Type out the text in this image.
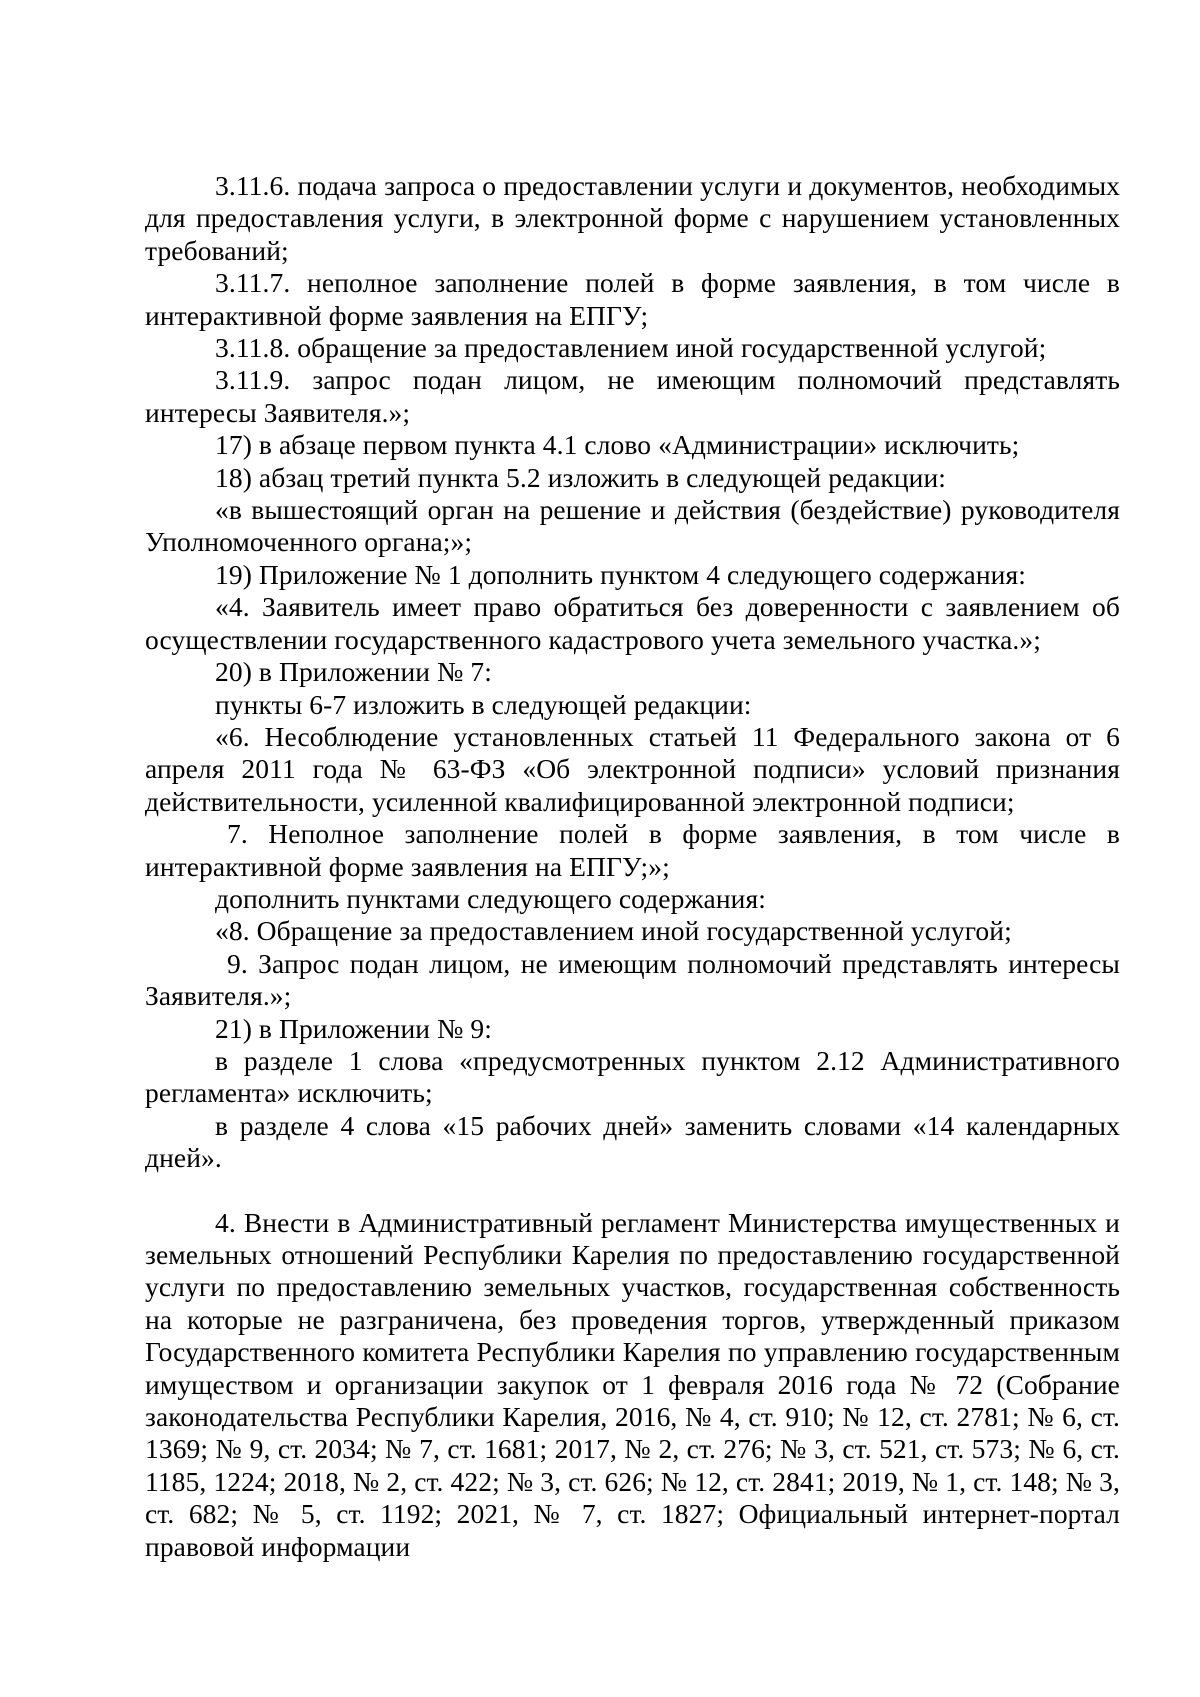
3.11.6. подача запроса о предоставлении услуги и документов, необходимых для предоставления услуги, в электронной форме с нарушением установленных требований;

3.11.7. неполное заполнение полей в форме заявления, в том числе в интерактивной форме заявления на ЕПГУ;

3.11.8. обращение за предоставлением иной государственной услугой;

3.11.9. запрос подан лицом, не имеющим полномочий представлять интересы Заявителя.»;

17) в абзаце первом пункта 4.1 слово «Администрации» исключить;

18) абзац третий пункта 5.2 изложить в следующей редакции:

«в вышестоящий орган на решение и действия (бездействие) руководителя Уполномоченного органа;»;

19) Приложение № 1 дополнить пунктом 4 следующего содержания:

«4. Заявитель имеет право обратиться без доверенности с заявлением об осуществлении государственного кадастрового учета земельного участка.»;

20) в Приложении № 7:

пункты 6-7 изложить в следующей редакции:

«6. Несоблюдение установленных статьей 11 Федерального закона от 6 апреля 2011 года № 63-ФЗ «Об электронной подписи» условий признания действительности, усиленной квалифицированной электронной подписи;

7. Неполное заполнение полей в форме заявления, в том числе в интерактивной форме заявления на ЕПГУ;»;

дополнить пунктами следующего содержания:

«8. Обращение за предоставлением иной государственной услугой;

9. Запрос подан лицом, не имеющим полномочий представлять интересы Заявителя.»;

21) в Приложении № 9:

в разделе 1 слова «предусмотренных пунктом 2.12 Административного регламента» исключить;

в разделе 4 слова «15 рабочих дней» заменить словами «14 календарных дней».

4. Внести в Административный регламент Министерства имущественных и земельных отношений Республики Карелия по предоставлению государственной услуги по предоставлению земельных участков, государственная собственность на которые не разграничена, без проведения торгов, утвержденный приказом Государственного комитета Республики Карелия по управлению государственным имуществом и организации закупок от 1 февраля 2016 года № 72 (Собрание законодательства Республики Карелия, 2016, № 4, ст. 910; № 12, ст. 2781; № 6, ст. 1369; № 9, ст. 2034; № 7, ст. 1681; 2017, № 2, ст. 276; № 3, ст. 521, ст. 573; № 6, ст. 1185, 1224; 2018, № 2, ст. 422; № 3, ст. 626; № 12, ст. 2841; 2019, № 1, ст. 148; № 3, ст. 682; № 5, ст. 1192; 2021, № 7, ст. 1827; Официальный интернет-портал правовой информации
